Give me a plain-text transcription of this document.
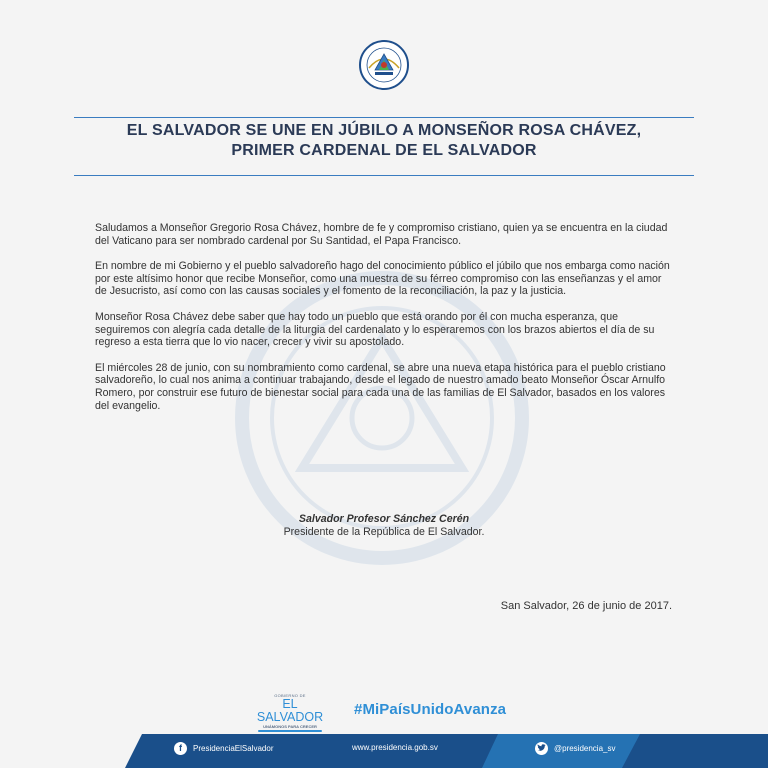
EL SALVADOR SE UNE EN JÚBILO A MONSEÑOR ROSA CHÁVEZ,
PRIMER CARDENAL DE EL SALVADOR

Saludamos a Monseñor Gregorio Rosa Chávez, hombre de fe y compromiso cristiano, quien ya se encuentra en la ciudad del Vaticano para ser nombrado cardenal por Su Santidad, el Papa Francisco.

En nombre de mi Gobierno y el pueblo salvadoreño hago del conocimiento público el júbilo que nos embarga como nación por este altísimo honor que recibe Monseñor, como una muestra de su férreo compromiso con las enseñanzas y el amor de Jesucristo, así como con las causas sociales y el fomento de la reconciliación, la paz y la justicia.

Monseñor Rosa Chávez debe saber que hay todo un pueblo que está orando por él con mucha esperanza, que seguiremos con alegría cada detalle de la liturgia del cardenalato y lo esperaremos con los brazos abiertos el día de su regreso a esta tierra que lo vio nacer, crecer y vivir su apostolado.

El miércoles 28 de junio, con su nombramiento como cardenal, se abre una nueva etapa histórica para el pueblo cristiano salvadoreño, lo cual nos anima a continuar trabajando, desde el legado de nuestro amado beato Monseñor Óscar Arnulfo Romero, por construir ese futuro de bienestar social para cada una de las familias de El Salvador, basados en los valores del evangelio.

Salvador Profesor Sánchez Cerén
Presidente de la República de El Salvador.
San Salvador, 26 de junio de 2017.
GOBIERNO DE
EL SALVADOR
UNÁMONOS PARA CRECER
#MiPaísUnidoAvanza
f	PresidenciaElSalvador	www.presidencia.gob.sv	@presidencia_sv
